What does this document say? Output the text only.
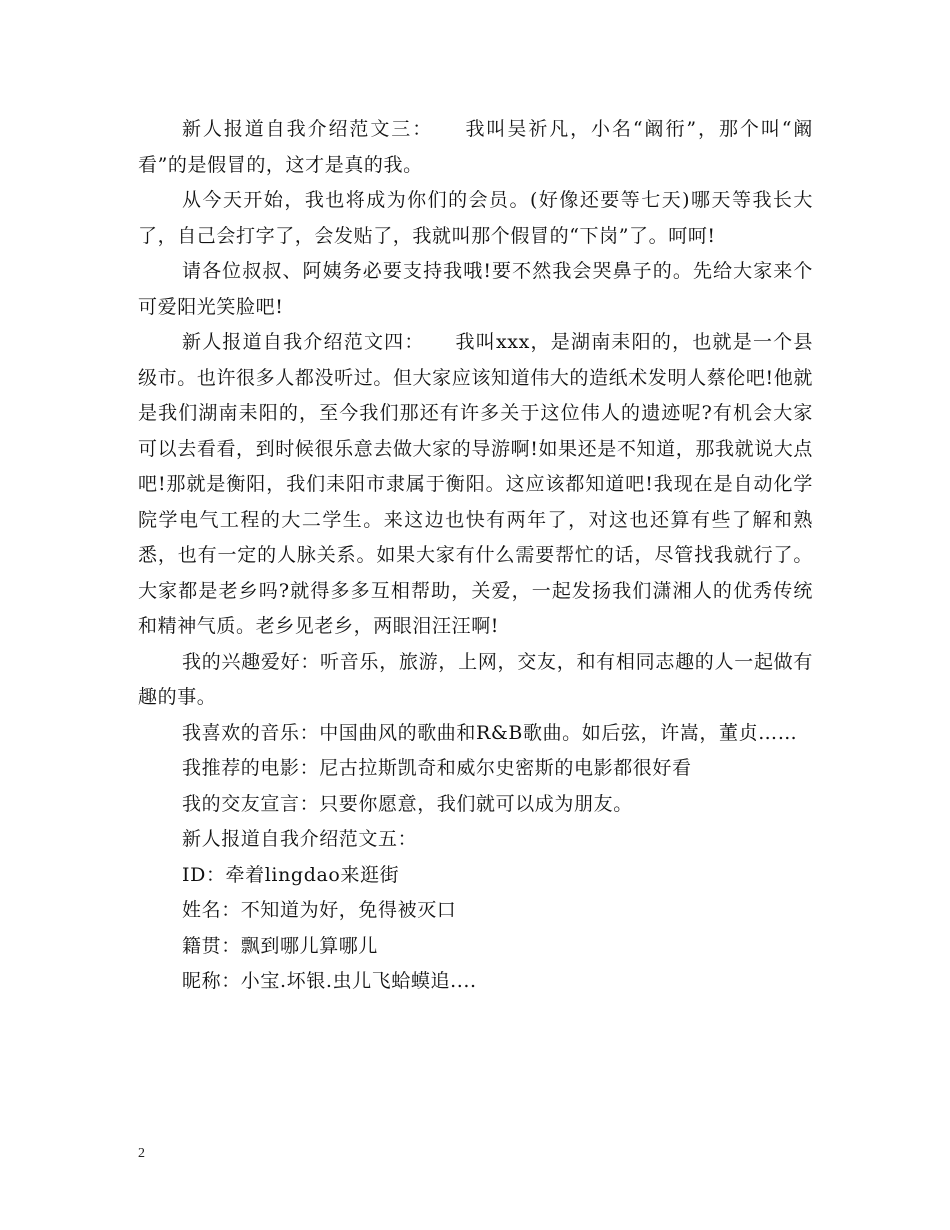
新人报道自我介绍范文三：　　我叫吴祈凡，小名“阚衎”，那个叫“阚看”的是假冒的，这才是真的我。

从今天开始，我也将成为你们的会员。(好像还要等七天)哪天等我长大了，自己会打字了，会发贴了，我就叫那个假冒的“下岗”了。呵呵!

请各位叔叔、阿姨务必要支持我哦!要不然我会哭鼻子的。先给大家来个可爱阳光笑脸吧!

新人报道自我介绍范文四：　　我叫xxx，是湖南耒阳的，也就是一个县级市。也许很多人都没听过。但大家应该知道伟大的造纸术发明人蔡伦吧!他就是我们湖南耒阳的，至今我们那还有许多关于这位伟人的遗迹呢?有机会大家可以去看看，到时候很乐意去做大家的导游啊!如果还是不知道，那我就说大点吧!那就是衡阳，我们耒阳市隶属于衡阳。这应该都知道吧!我现在是自动化学院学电气工程的大二学生。来这边也快有两年了，对这也还算有些了解和熟悉，也有一定的人脉关系。如果大家有什么需要帮忙的话，尽管找我就行了。大家都是老乡吗?就得多多互相帮助，关爱，一起发扬我们潇湘人的优秀传统和精神气质。老乡见老乡，两眼泪汪汪啊!

我的兴趣爱好：听音乐，旅游，上网，交友，和有相同志趣的人一起做有趣的事。

我喜欢的音乐：中国曲风的歌曲和R&B歌曲。如后弦，许嵩，董贞……

我推荐的电影：尼古拉斯凯奇和威尔史密斯的电影都很好看

我的交友宣言：只要你愿意，我们就可以成为朋友。

新人报道自我介绍范文五：

ID：牵着lingdao来逛街

姓名：不知道为好，免得被灭口

籍贯：飘到哪儿算哪儿

昵称：小宝.坏银.虫儿飞蛤蟆追....

2
